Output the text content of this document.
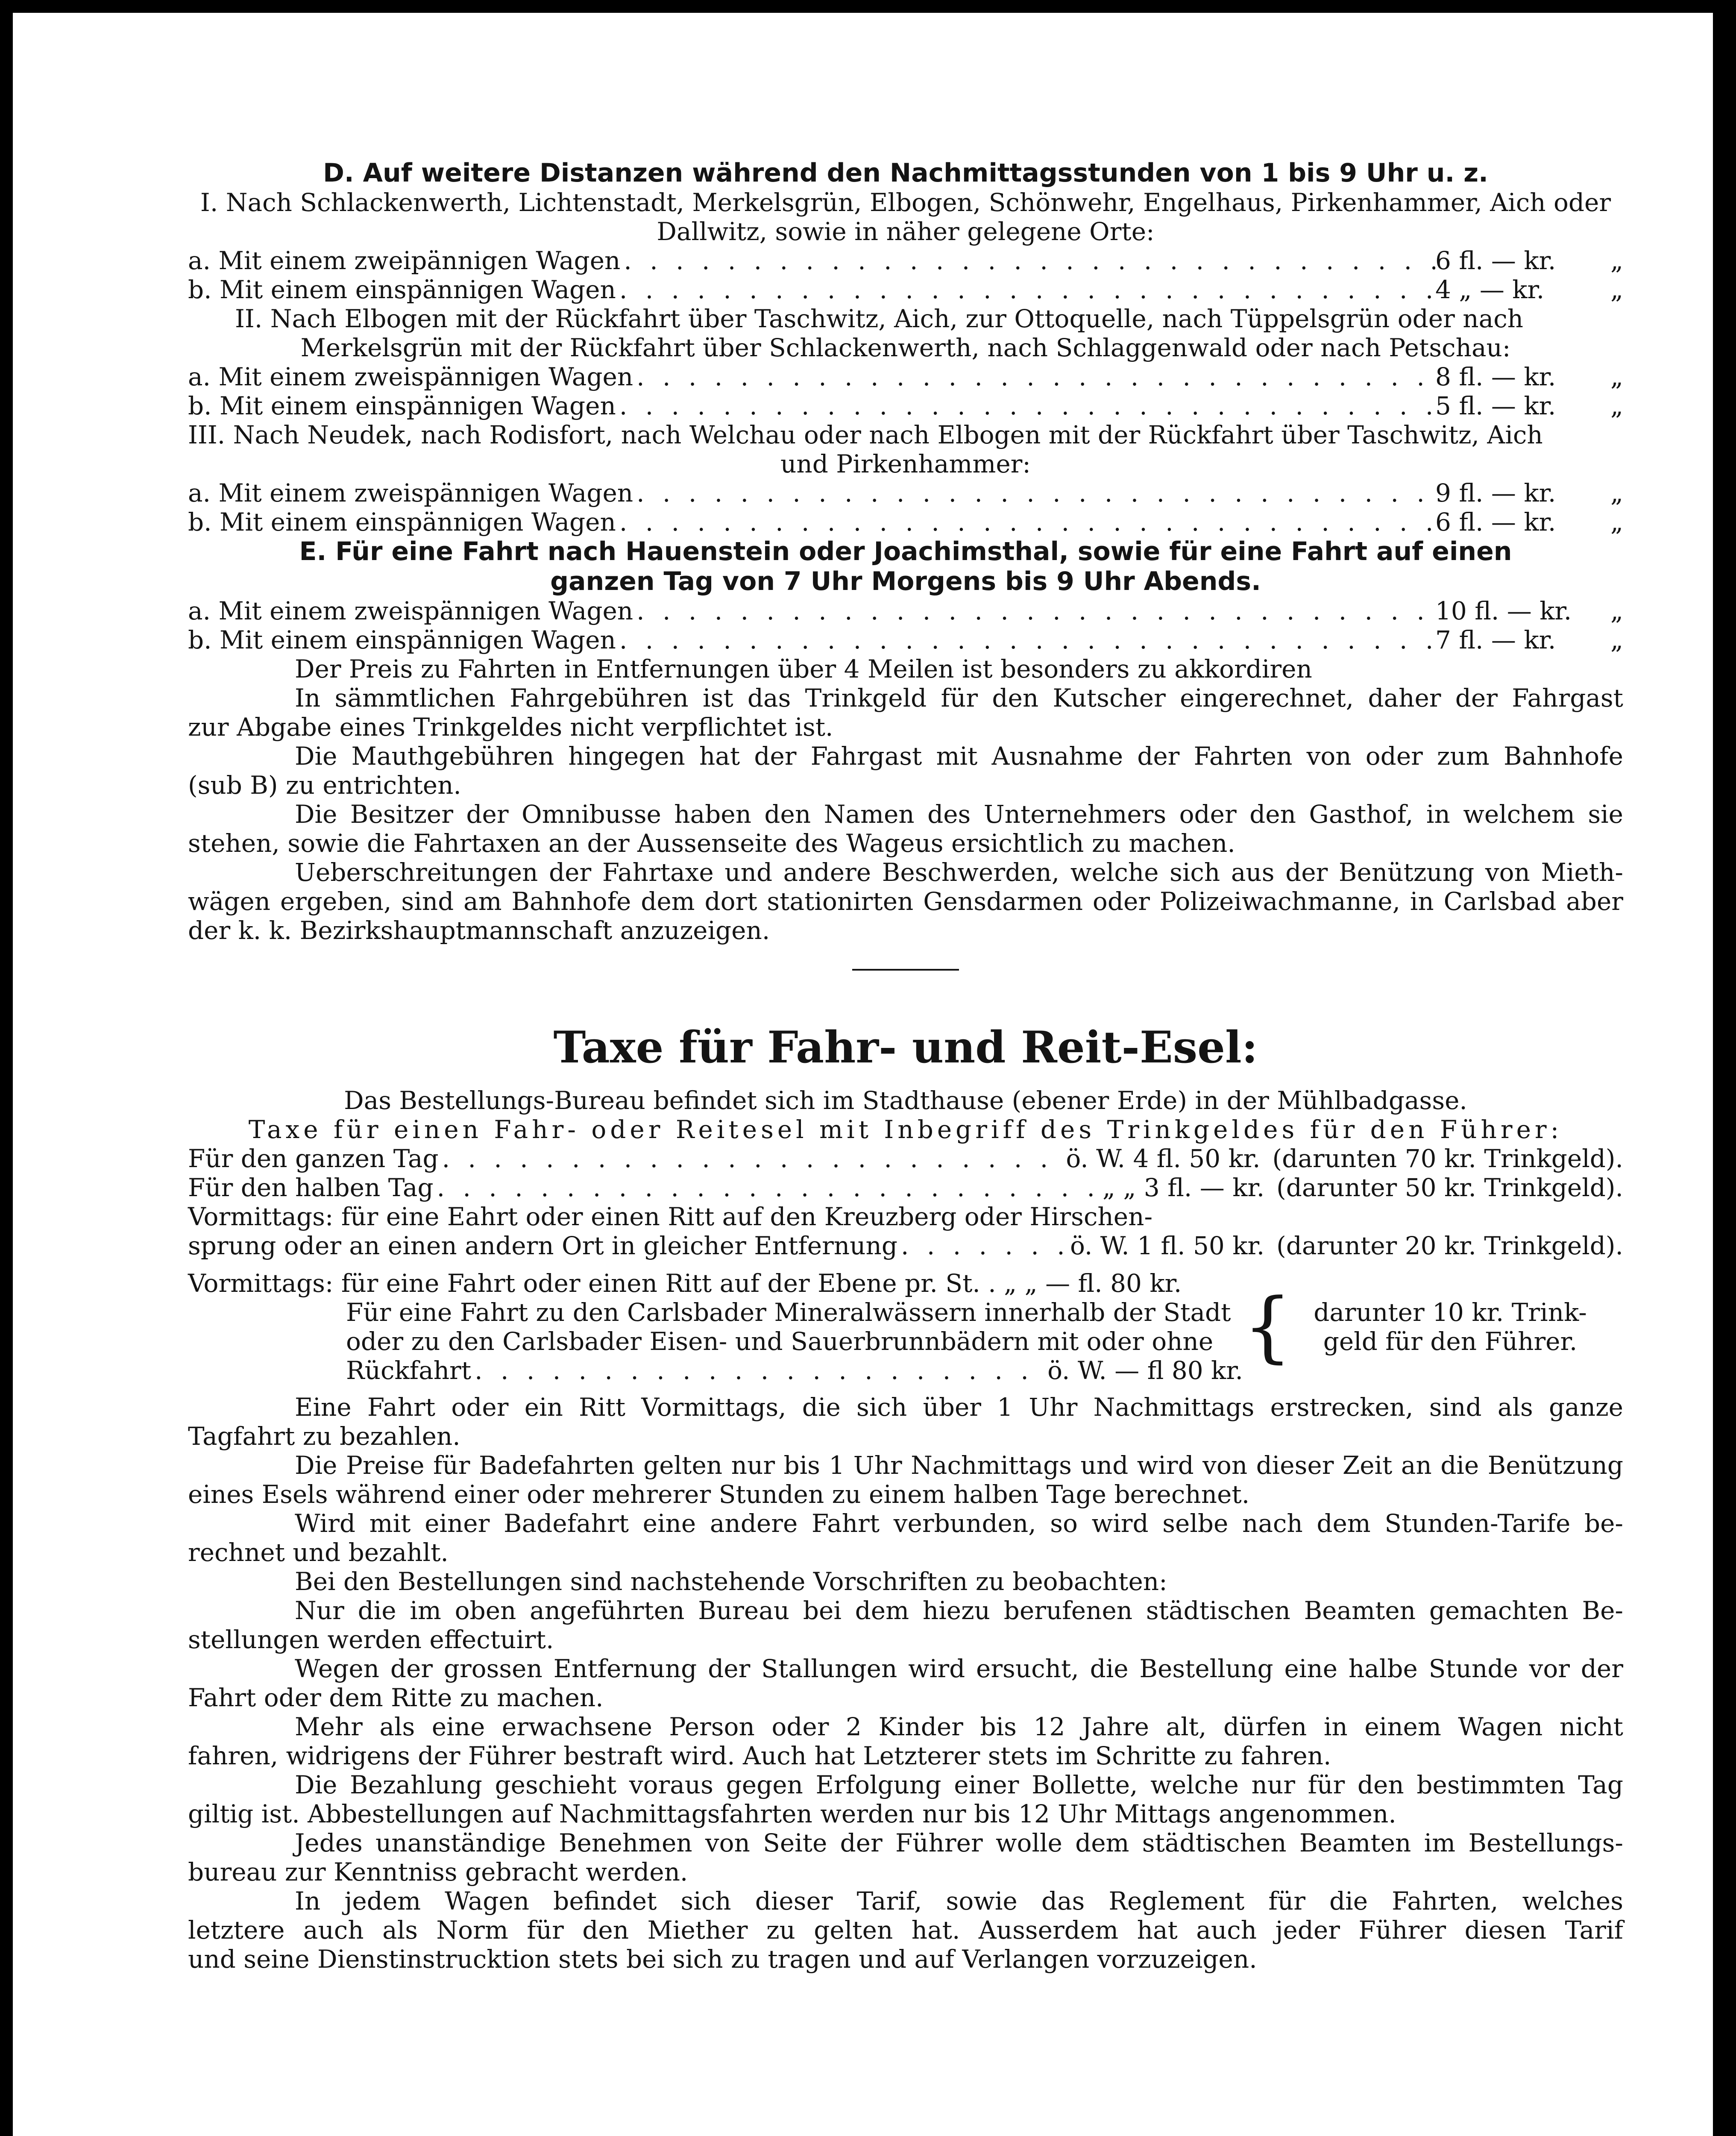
D. Auf weitere Distanzen während den Nachmittagsstunden von 1 bis 9 Uhr u. z.

I. Nach Schlackenwerth, Lichtenstadt, Merkelsgrün, Elbogen, Schönwehr, Engelhaus, Pirkenhammer, Aich oder

Dallwitz, sowie in näher gelegene Orte:

a. Mit einem zweipännigen Wagen . . .	6 fl. — kr.	„
b. Mit einem einspännigen Wagen . . .	4 „ — kr.	„

II. Nach Elbogen mit der Rückfahrt über Taschwitz, Aich, zur Ottoquelle, nach Tüppelsgrün oder nach

Merkelsgrün mit der Rückfahrt über Schlackenwerth, nach Schlaggenwald oder nach Petschau:

a. Mit einem zweispännigen Wagen . . .	8 fl. — kr.	„
b. Mit einem einspännigen Wagen . . .	5 fl. — kr.	„

III. Nach Neudek, nach Rodisfort, nach Welchau oder nach Elbogen mit der Rückfahrt über Taschwitz, Aich

und Pirkenhammer:

a. Mit einem zweispännigen Wagen . . .	9 fl. — kr.	„
b. Mit einem einspännigen Wagen . . .	6 fl. — kr.	„
E. Für eine Fahrt nach Hauenstein oder Joachimsthal, sowie für eine Fahrt auf einen
ganzen Tag von 7 Uhr Morgens bis 9 Uhr Abends.
a. Mit einem zweispännigen Wagen . . .	10 fl. — kr.	„
b. Mit einem einspännigen Wagen . . .	7 fl. — kr.	„

Der Preis zu Fahrten in Entfernungen über 4 Meilen ist besonders zu akkordiren

In sämmtlichen Fahrgebühren ist das Trinkgeld für den Kutscher eingerechnet, daher der Fahrgast

zur Abgabe eines Trinkgeldes nicht verpflichtet ist.

Die Mauthgebühren hingegen hat der Fahrgast mit Ausnahme der Fahrten von oder zum Bahnhofe

(sub B) zu entrichten.

Die Besitzer der Omnibusse haben den Namen des Unternehmers oder den Gasthof, in welchem sie

stehen, sowie die Fahrtaxen an der Aussenseite des Wageus ersichtlich zu machen.

Ueberschreitungen der Fahrtaxe und andere Beschwerden, welche sich aus der Benützung von Mieth-

wägen ergeben, sind am Bahnhofe dem dort stationirten Gensdarmen oder Polizeiwachmanne, in Carlsbad aber

der k. k. Bezirkshauptmannschaft anzuzeigen.

Taxe für Fahr- und Reit-Esel:

Das Bestellungs-Bureau befindet sich im Stadthause (ebener Erde) in der Mühlbadgasse.

Taxe für einen Fahr- oder Reitesel mit Inbegriff des Trinkgeldes für den Führer:

Für den ganzen Tag . . .	ö. W. 4 fl. 50 kr. (darunten 70 kr. Trinkgeld).
Für den halben Tag . . .	„ „ 3 fl. — kr. (darunter 50 kr. Trinkgeld).

Vormittags: für eine Eahrt oder einen Ritt auf den Kreuzberg oder Hirschen-

sprung oder an einen andern Ort in gleicher Entfernung . . .	ö. W. 1 fl. 50 kr. (darunter 20 kr. Trinkgeld).

Vormittags: für eine Fahrt oder einen Ritt auf der Ebene pr. St. . „ „ — fl. 80 kr.

Für eine Fahrt zu den Carlsbader Mineralwässern innerhalb der Stadt

oder zu den Carlsbader Eisen- und Sauerbrunnbädern mit oder ohne

Rückfahrt . . .	ö. W. — fl 80 kr. { darunter 10 kr. Trink-

geld für den Führer.

Eine Fahrt oder ein Ritt Vormittags, die sich über 1 Uhr Nachmittags erstrecken, sind als ganze

Tagfahrt zu bezahlen.

Die Preise für Badefahrten gelten nur bis 1 Uhr Nachmittags und wird von dieser Zeit an die Benützung

eines Esels während einer oder mehrerer Stunden zu einem halben Tage berechnet.

Wird mit einer Badefahrt eine andere Fahrt verbunden, so wird selbe nach dem Stunden-Tarife be-

rechnet und bezahlt.

Bei den Bestellungen sind nachstehende Vorschriften zu beobachten:

Nur die im oben angeführten Bureau bei dem hiezu berufenen städtischen Beamten gemachten Be-

stellungen werden effectuirt.

Wegen der grossen Entfernung der Stallungen wird ersucht, die Bestellung eine halbe Stunde vor der

Fahrt oder dem Ritte zu machen.

Mehr als eine erwachsene Person oder 2 Kinder bis 12 Jahre alt, dürfen in einem Wagen nicht

fahren, widrigens der Führer bestraft wird. Auch hat Letzterer stets im Schritte zu fahren.

Die Bezahlung geschieht voraus gegen Erfolgung einer Bollette, welche nur für den bestimmten Tag

giltig ist. Abbestellungen auf Nachmittagsfahrten werden nur bis 12 Uhr Mittags angenommen.

Jedes unanständige Benehmen von Seite der Führer wolle dem städtischen Beamten im Bestellungs-

bureau zur Kenntniss gebracht werden.

In jedem Wagen befindet sich dieser Tarif, sowie das Reglement für die Fahrten, welches

letztere auch als Norm für den Miether zu gelten hat. Ausserdem hat auch jeder Führer diesen Tarif

und seine Dienstinstrucktion stets bei sich zu tragen und auf Verlangen vorzuzeigen.
